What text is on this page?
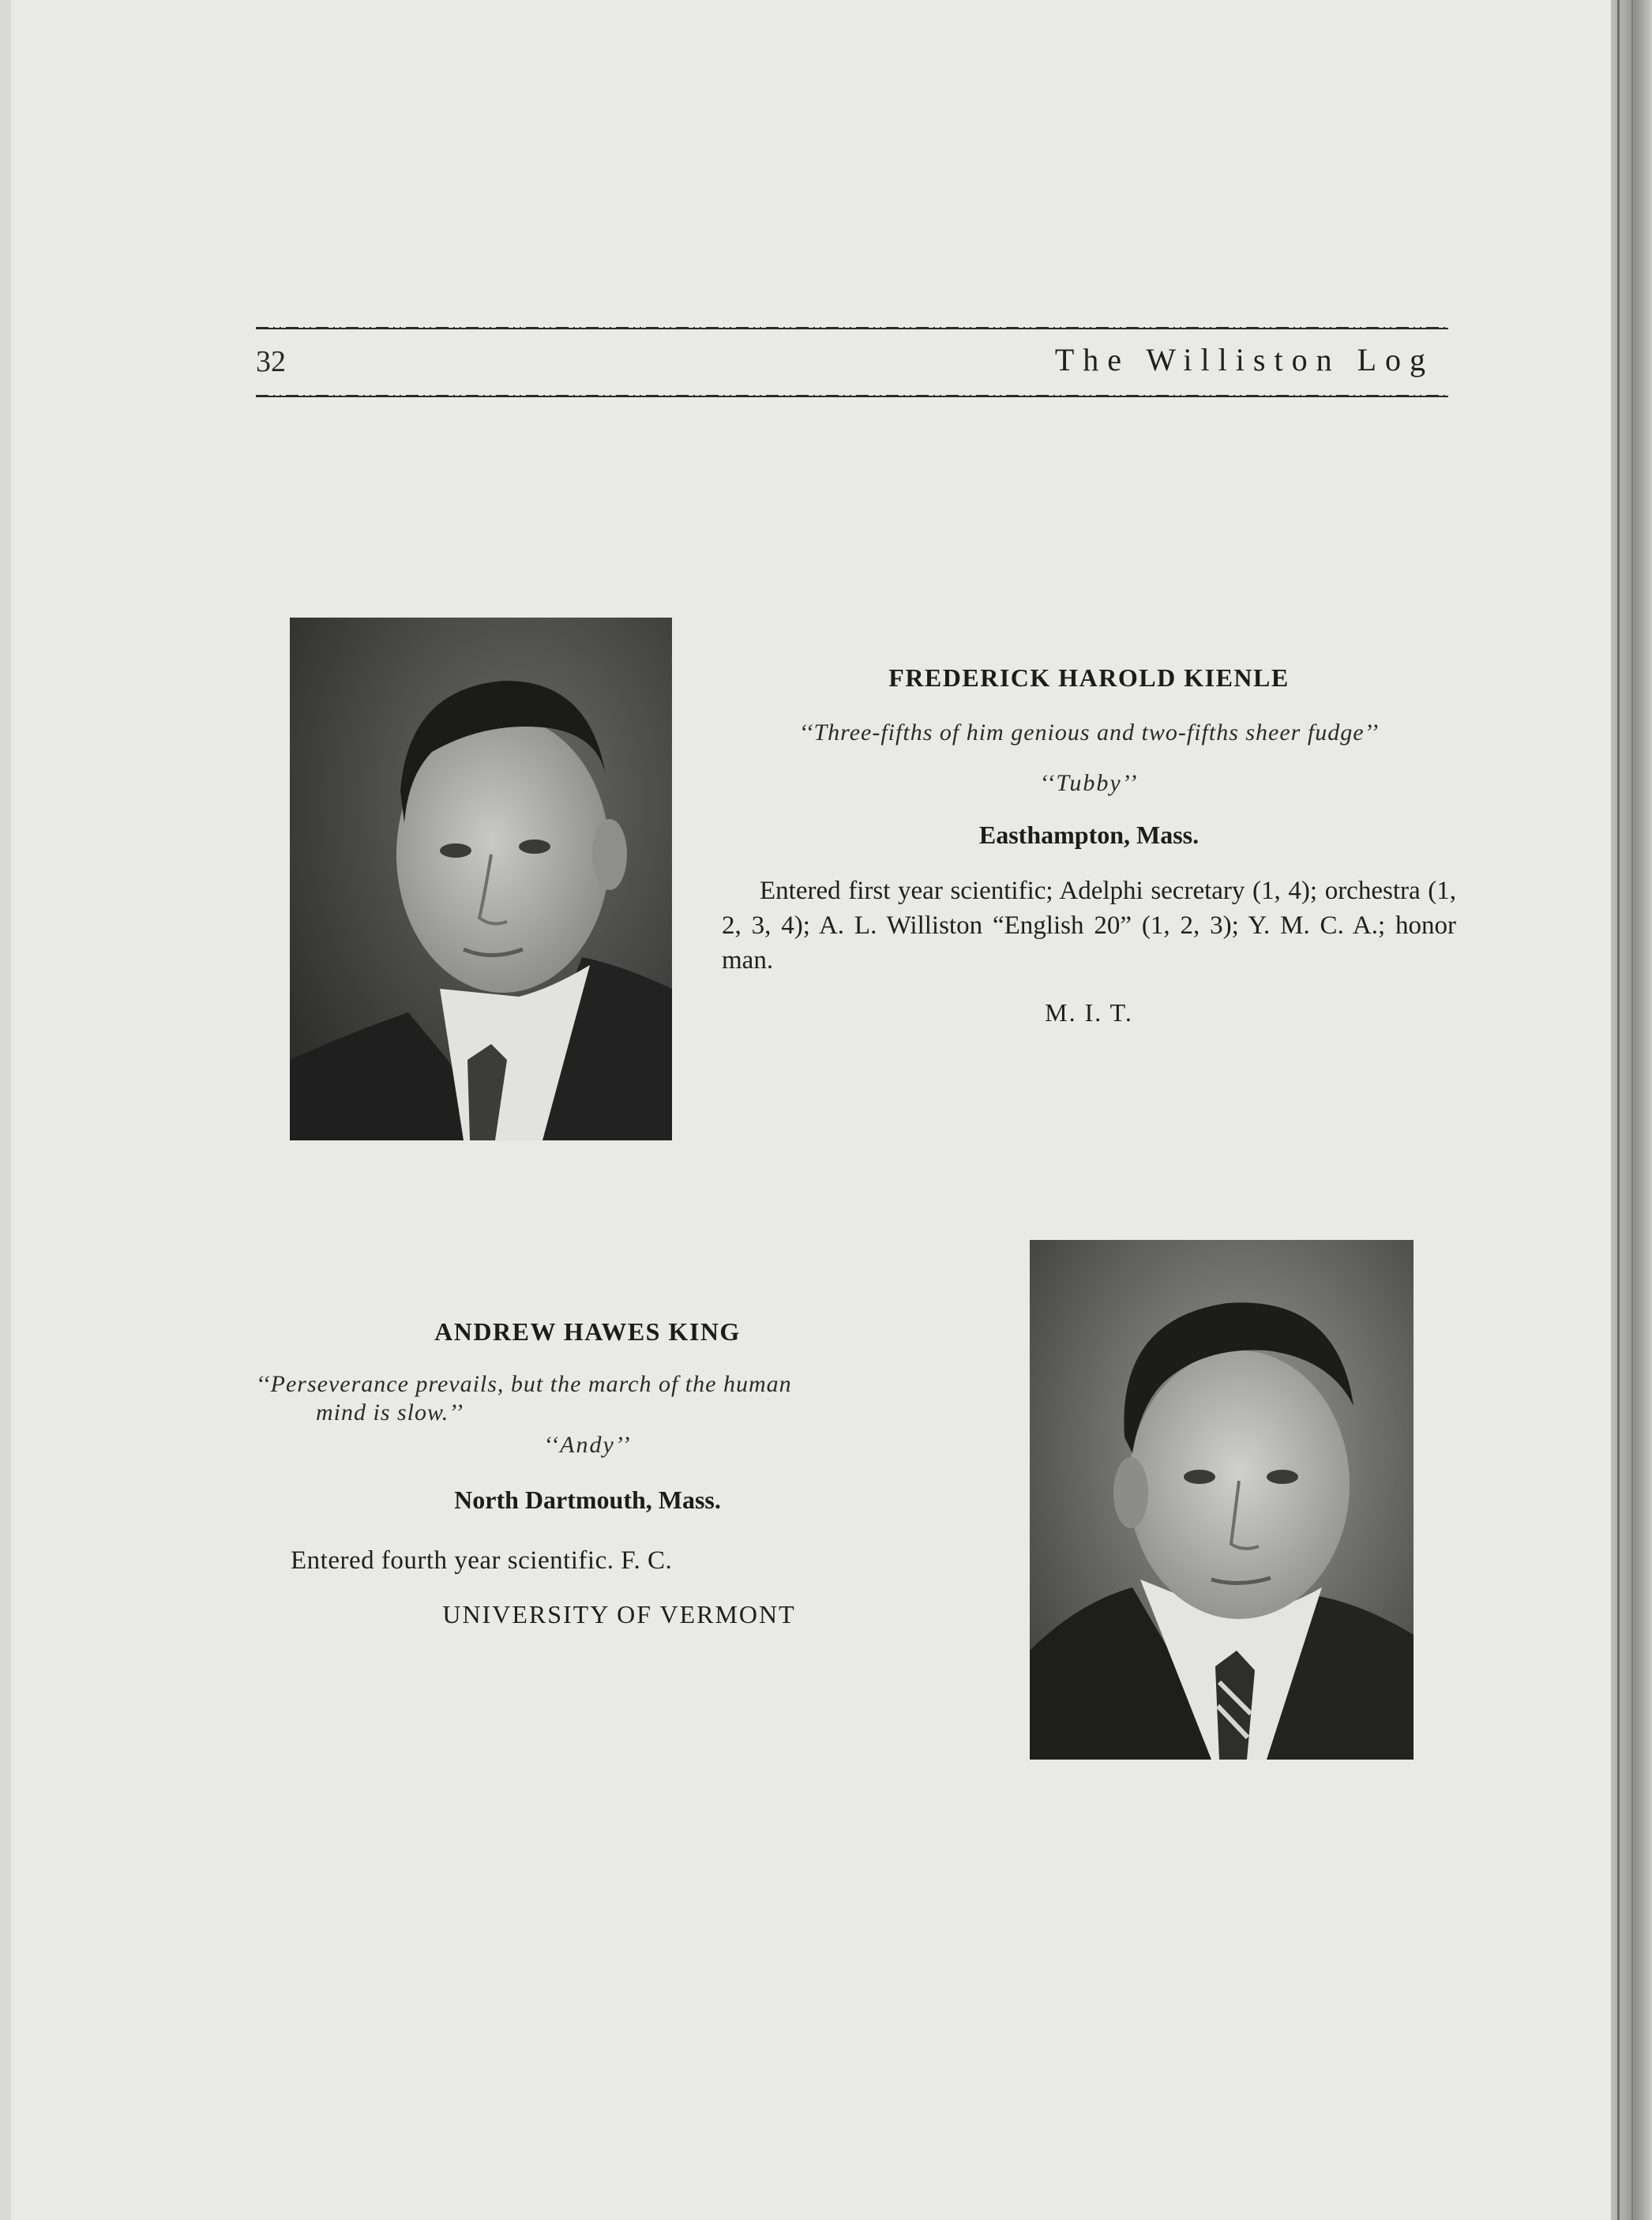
32	The Williston Log
FREDERICK HAROLD KIENLE
‘‘Three-fifths of him genious and two-fifths sheer fudge’’
‘‘Tubby’’
Easthampton, Mass.
Entered first year scientific; Adelphi secretary (1, 4); orchestra (1, 2, 3, 4); A. L. Williston “English 20” (1, 2, 3); Y. M. C. A.; honor man.
M. I. T.
ANDREW HAWES KING
‘‘Perseverance prevails, but the march of the human
mind is slow.’’
‘‘Andy’’
North Dartmouth, Mass.
Entered fourth year scientific. F. C.
UNIVERSITY OF VERMONT
